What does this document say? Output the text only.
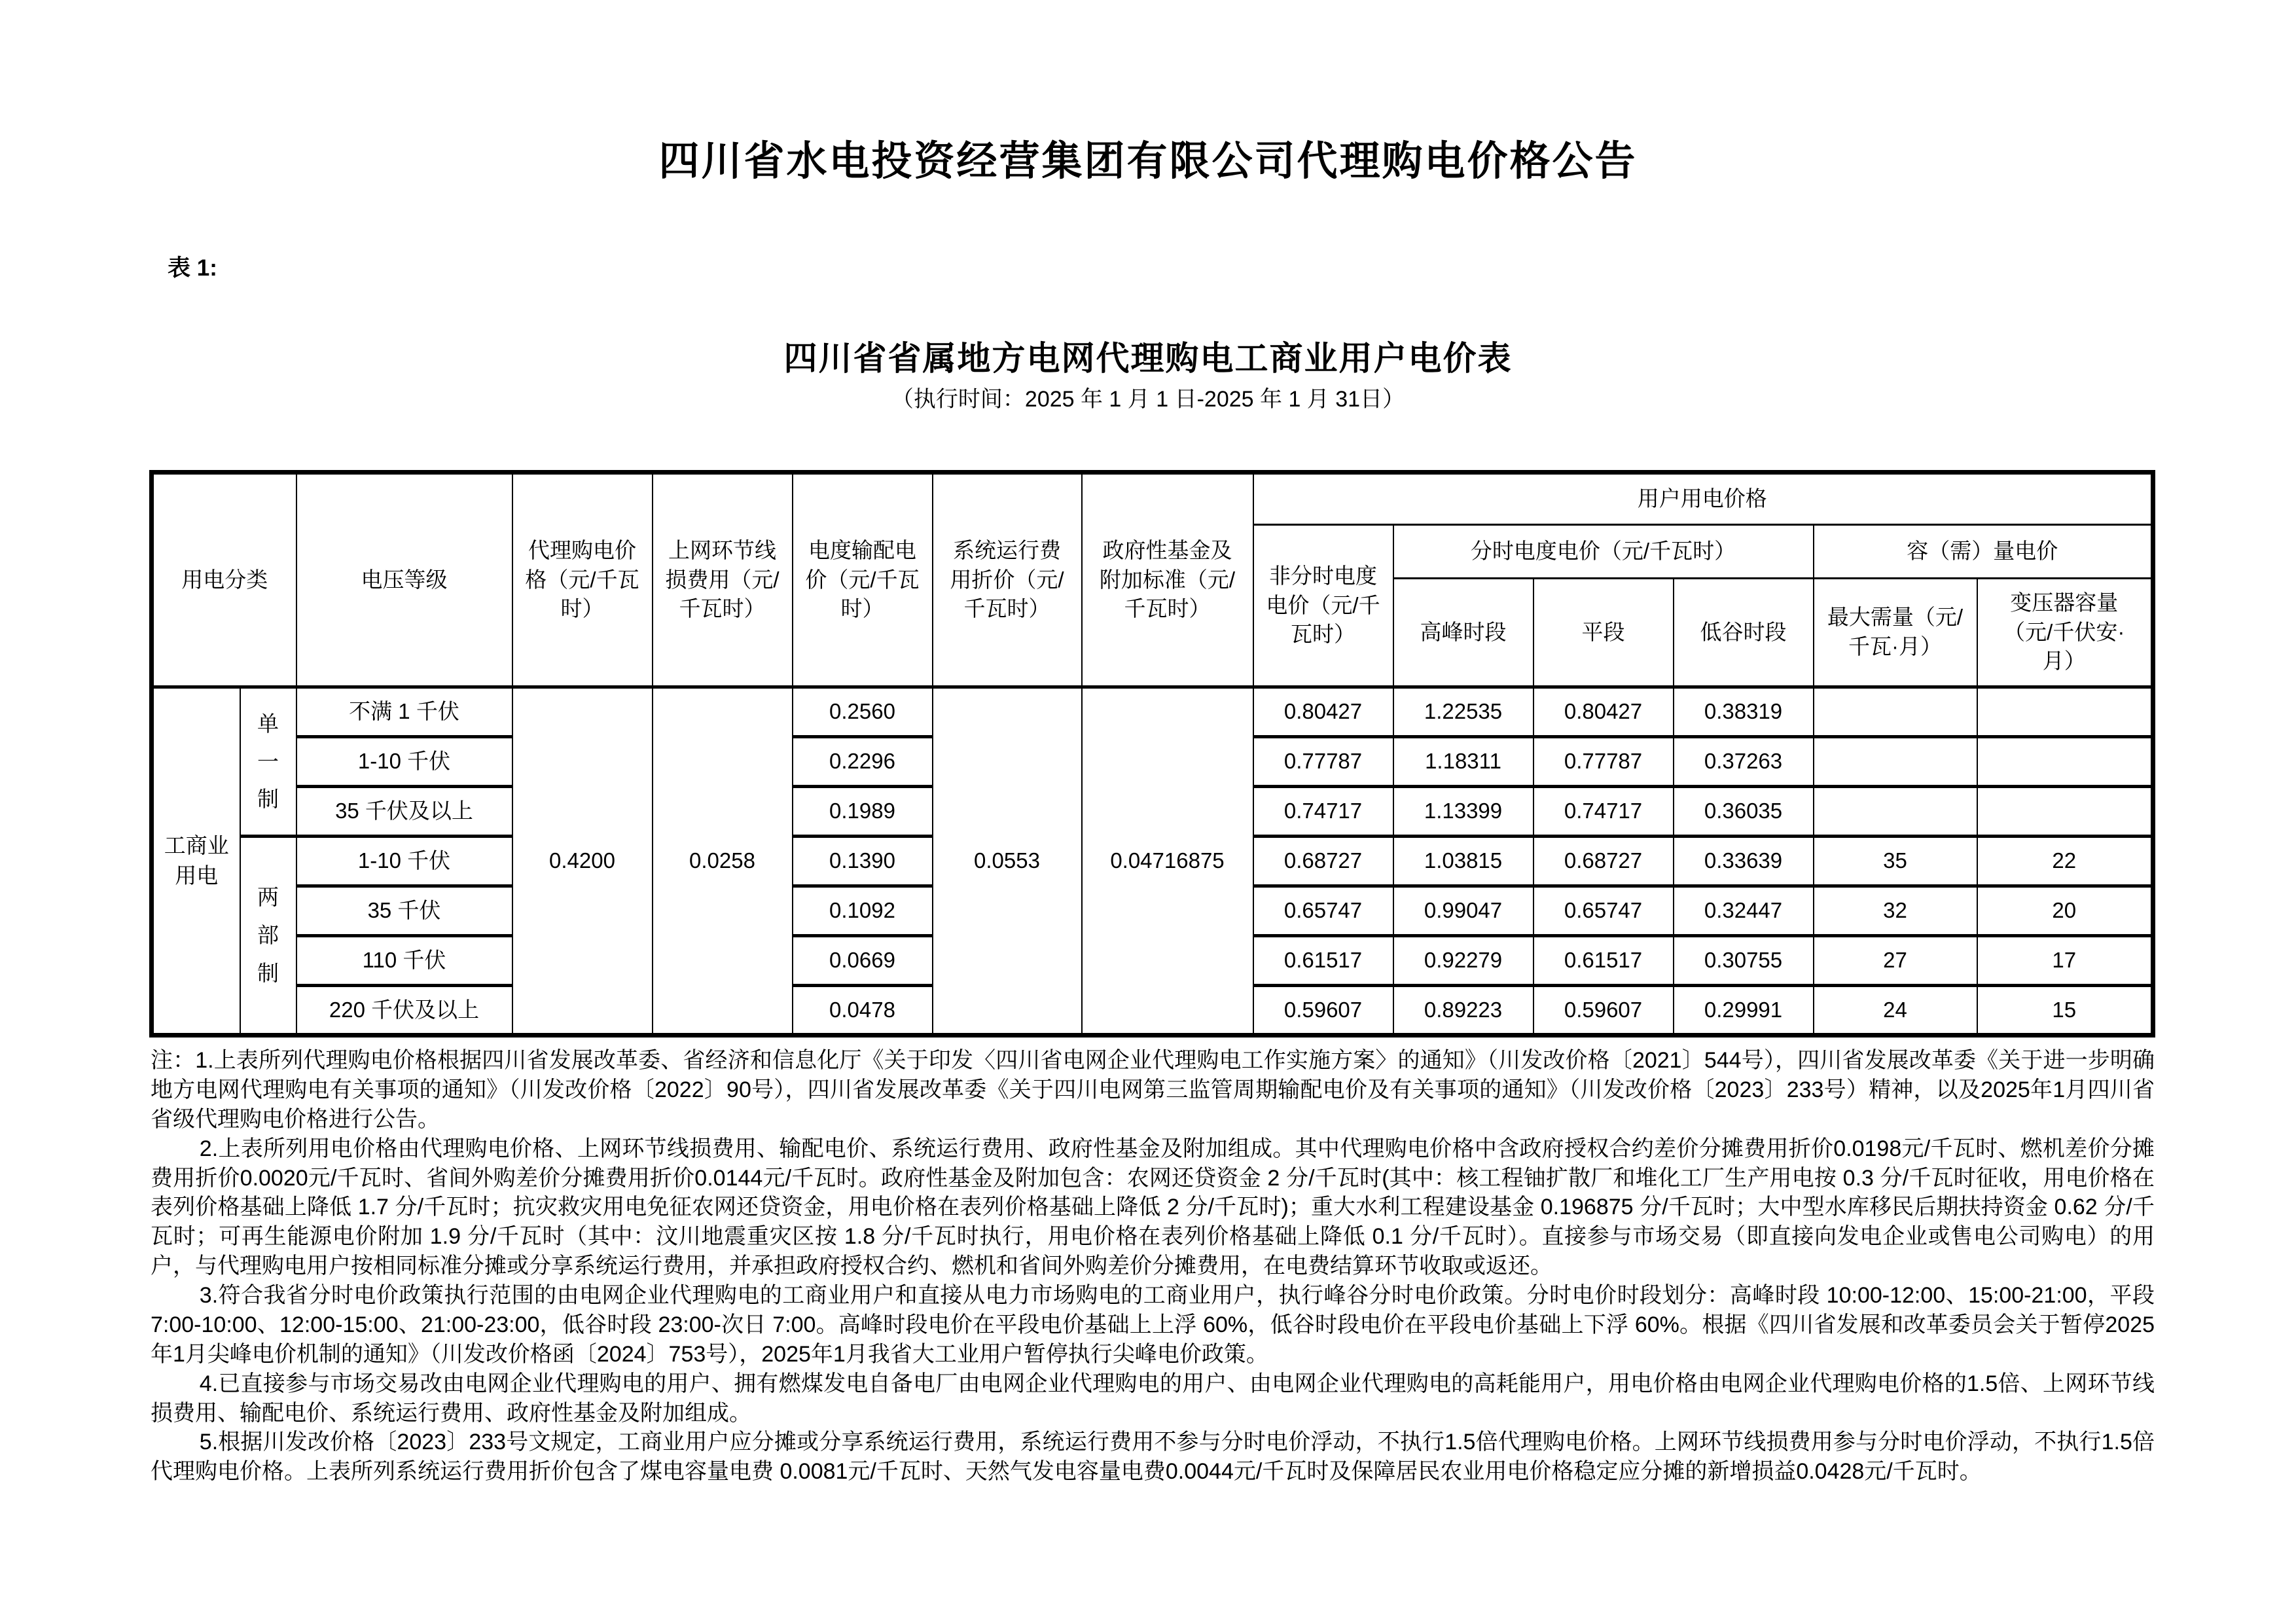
四川省水电投资经营集团有限公司代理购电价格公告
表 1:
四川省省属地方电网代理购电工商业用户电价表
（执行时间：2025 年 1 月 1 日-2025 年 1 月 31日）
用电分类		电压等级	代理购电价格（元/千瓦时）	上网环节线损费用（元/千瓦时）	电度输配电价（元/千瓦时）	系统运行费用折价（元/千瓦时）	政府性基金及附加标准（元/千瓦时）	用户用电价格					
								非分时电度电价（元/千瓦时）	分时电度电价（元/千瓦时）			容（需）量电价	
									高峰时段	平段	低谷时段	最大需量（元/千瓦·月）	变压器容量（元/千伏安·月）

工商业用电	单一制	不满 1 千伏	0.4200	0.0258	0.2560	0.0553	0.04716875	0.80427	1.22535	0.80427	0.38319		
		1-10 千伏			0.2296			0.77787	1.18311	0.77787	0.37263		
		35 千伏及以上			0.1989			0.74717	1.13399	0.74717	0.36035		

	两部制	1-10 千伏			0.1390			0.68727	1.03815	0.68727	0.33639	35	22
		35 千伏			0.1092			0.65747	0.99047	0.65747	0.32447	32	20
		110 千伏			0.0669			0.61517	0.92279	0.61517	0.30755	27	17
		220 千伏及以上			0.0478			0.59607	0.89223	0.59607	0.29991	24	15

注：1.上表所列代理购电价格根据四川省发展改革委、省经济和信息化厅《关于印发〈四川省电网企业代理购电工作实施方案〉的通知》（川发改价格〔2021〕544号），四川省发展改革委《关于进一步明确地方电网代理购电有关事项的通知》（川发改价格〔2022〕90号），四川省发展改革委《关于四川电网第三监管周期输配电价及有关事项的通知》（川发改价格〔2023〕233号）精神，以及2025年1月四川省省级代理购电价格进行公告。

2.上表所列用电价格由代理购电价格、上网环节线损费用、输配电价、系统运行费用、政府性基金及附加组成。其中代理购电价格中含政府授权合约差价分摊费用折价0.0198元/千瓦时、燃机差价分摊费用折价0.0020元/千瓦时、省间外购差价分摊费用折价0.0144元/千瓦时。政府性基金及附加包含：农网还贷资金 2 分/千瓦时(其中：核工程铀扩散厂和堆化工厂生产用电按 0.3 分/千瓦时征收，用电价格在表列价格基础上降低 1.7 分/千瓦时；抗灾救灾用电免征农网还贷资金，用电价格在表列价格基础上降低 2 分/千瓦时)；重大水利工程建设基金 0.196875 分/千瓦时；大中型水库移民后期扶持资金 0.62 分/千瓦时；可再生能源电价附加 1.9 分/千瓦时（其中：汶川地震重灾区按 1.8 分/千瓦时执行，用电价格在表列价格基础上降低 0.1 分/千瓦时）。直接参与市场交易（即直接向发电企业或售电公司购电）的用户，与代理购电用户按相同标准分摊或分享系统运行费用，并承担政府授权合约、燃机和省间外购差价分摊费用，在电费结算环节收取或返还。

3.符合我省分时电价政策执行范围的由电网企业代理购电的工商业用户和直接从电力市场购电的工商业用户，执行峰谷分时电价政策。分时电价时段划分：高峰时段 10:00-12:00、15:00-21:00，平段 7:00-10:00、12:00-15:00、21:00-23:00，低谷时段 23:00-次日 7:00。高峰时段电价在平段电价基础上上浮 60%，低谷时段电价在平段电价基础上下浮 60%。根据《四川省发展和改革委员会关于暂停2025年1月尖峰电价机制的通知》（川发改价格函〔2024〕753号），2025年1月我省大工业用户暂停执行尖峰电价政策。

4.已直接参与市场交易改由电网企业代理购电的用户、拥有燃煤发电自备电厂由电网企业代理购电的用户、由电网企业代理购电的高耗能用户，用电价格由电网企业代理购电价格的1.5倍、上网环节线损费用、输配电价、系统运行费用、政府性基金及附加组成。

5.根据川发改价格〔2023〕233号文规定，工商业用户应分摊或分享系统运行费用，系统运行费用不参与分时电价浮动，不执行1.5倍代理购电价格。上网环节线损费用参与分时电价浮动，不执行1.5倍代理购电价格。上表所列系统运行费用折价包含了煤电容量电费 0.0081元/千瓦时、天然气发电容量电费0.0044元/千瓦时及保障居民农业用电价格稳定应分摊的新增损益0.0428元/千瓦时。
